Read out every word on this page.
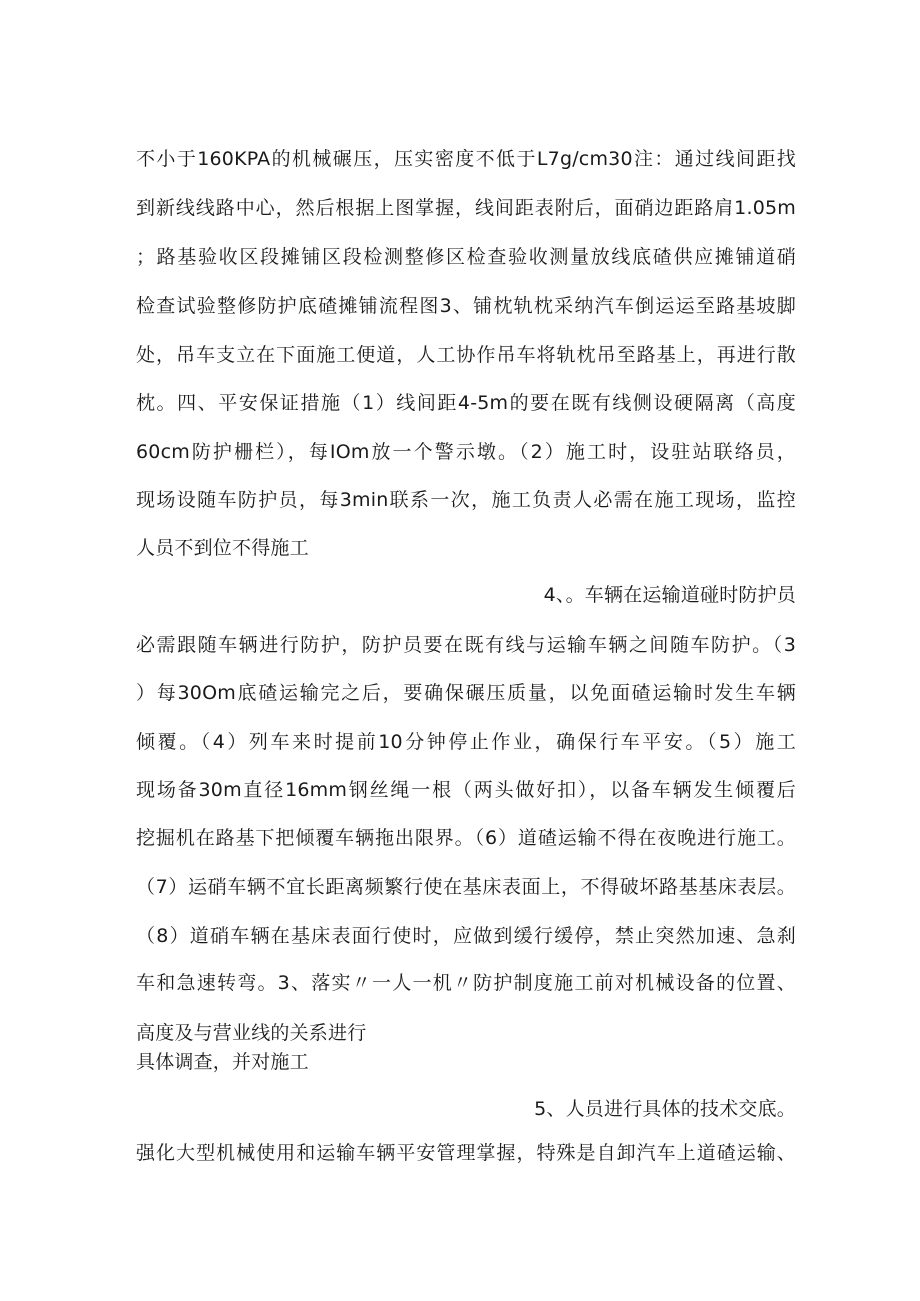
不小于160KPA的机械碾压，压实密度不低于L7g∕cm30注：通过线间距找
到新线线路中心，然后根据上图掌握，线间距表附后，面硝边距路肩1.05m
；路基验收区段摊铺区段检测整修区检查验收测量放线底碴供应摊铺道硝
检查试验整修防护底碴摊铺流程图3、铺枕轨枕采纳汽车倒运运至路基坡脚
处，吊车支立在下面施工便道，人工协作吊车将轨枕吊至路基上，再进行散
枕。四、平安保证措施（1）线间距4-5m的要在既有线侧设硬隔离（高度
60cm防护栅栏），每IOm放一个警示墩。（2）施工时，设驻站联络员，
现场设随车防护员，每3min联系一次，施工负责人必需在施工现场，监控
人员不到位不得施工
4、。车辆在运输道碰时防护员
必需跟随车辆进行防护，防护员要在既有线与运输车辆之间随车防护。（3
）每30Om底碴运输完之后，要确保碾压质量，以免面碴运输时发生车辆
倾覆。（4）列车来时提前10分钟停止作业，确保行车平安。（5）施工
现场备30m直径16mm钢丝绳一根（两头做好扣），以备车辆发生倾覆后
挖掘机在路基下把倾覆车辆拖出限界。（6）道碴运输不得在夜晚进行施工。
（7）运硝车辆不宜长距离频繁行使在基床表面上，不得破坏路基基床表层。
（8）道硝车辆在基床表面行使时，应做到缓行缓停，禁止突然加速、急刹
车和急速转弯。3、落实〃一人一机〃防护制度施工前对机械设备的位置、
高度及与营业线的关系进行
具体调查，并对施工
5、人员进行具体的技术交底。
强化大型机械使用和运输车辆平安管理掌握，特殊是自卸汽车上道碴运输、
